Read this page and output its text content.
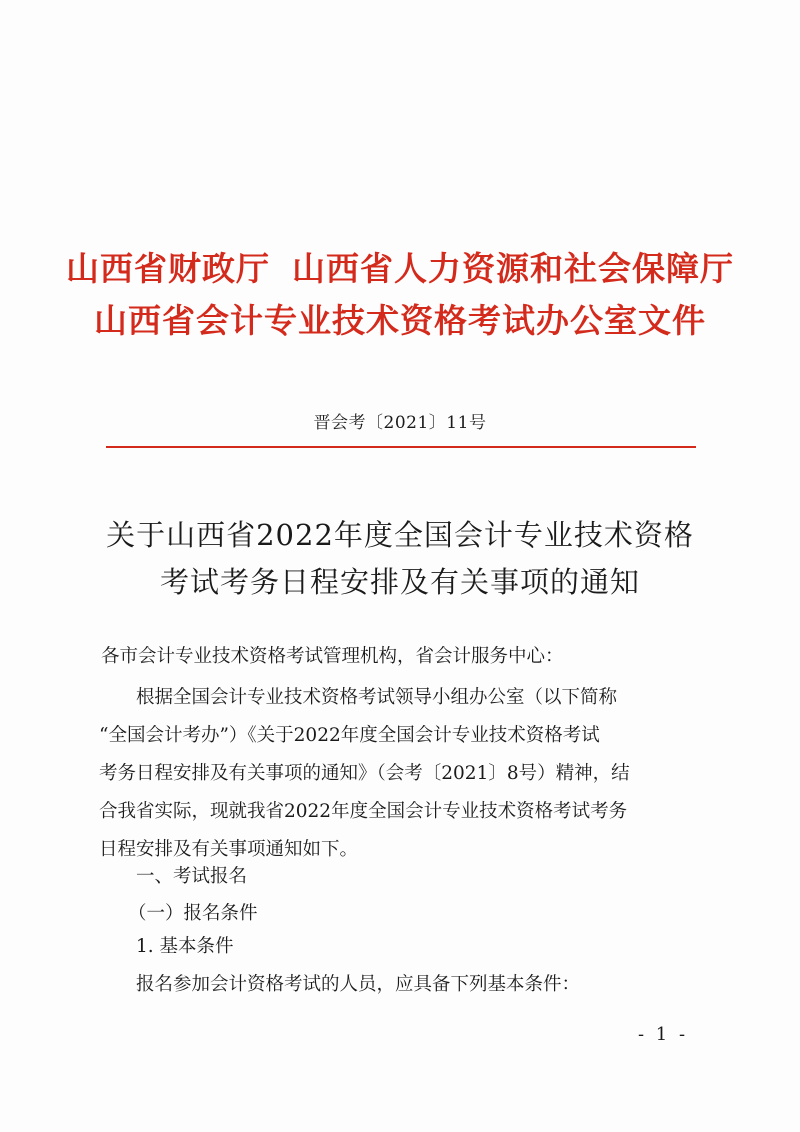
山西省财政厅 山西省人力资源和社会保障厅
山西省会计专业技术资格考试办公室文件
晋会考〔2021〕11号
关于山西省2022年度全国会计专业技术资格
考试考务日程安排及有关事项的通知
各市会计专业技术资格考试管理机构，省会计服务中心：
根据全国会计专业技术资格考试领导小组办公室（以下简称
“全国会计考办”）《关于2022年度全国会计专业技术资格考试
考务日程安排及有关事项的通知》（会考〔2021〕8号）精神，结
合我省实际，现就我省2022年度全国会计专业技术资格考试考务
日程安排及有关事项通知如下。
一、考试报名
（一）报名条件
1. 基本条件
报名参加会计资格考试的人员，应具备下列基本条件：
- 1 -
